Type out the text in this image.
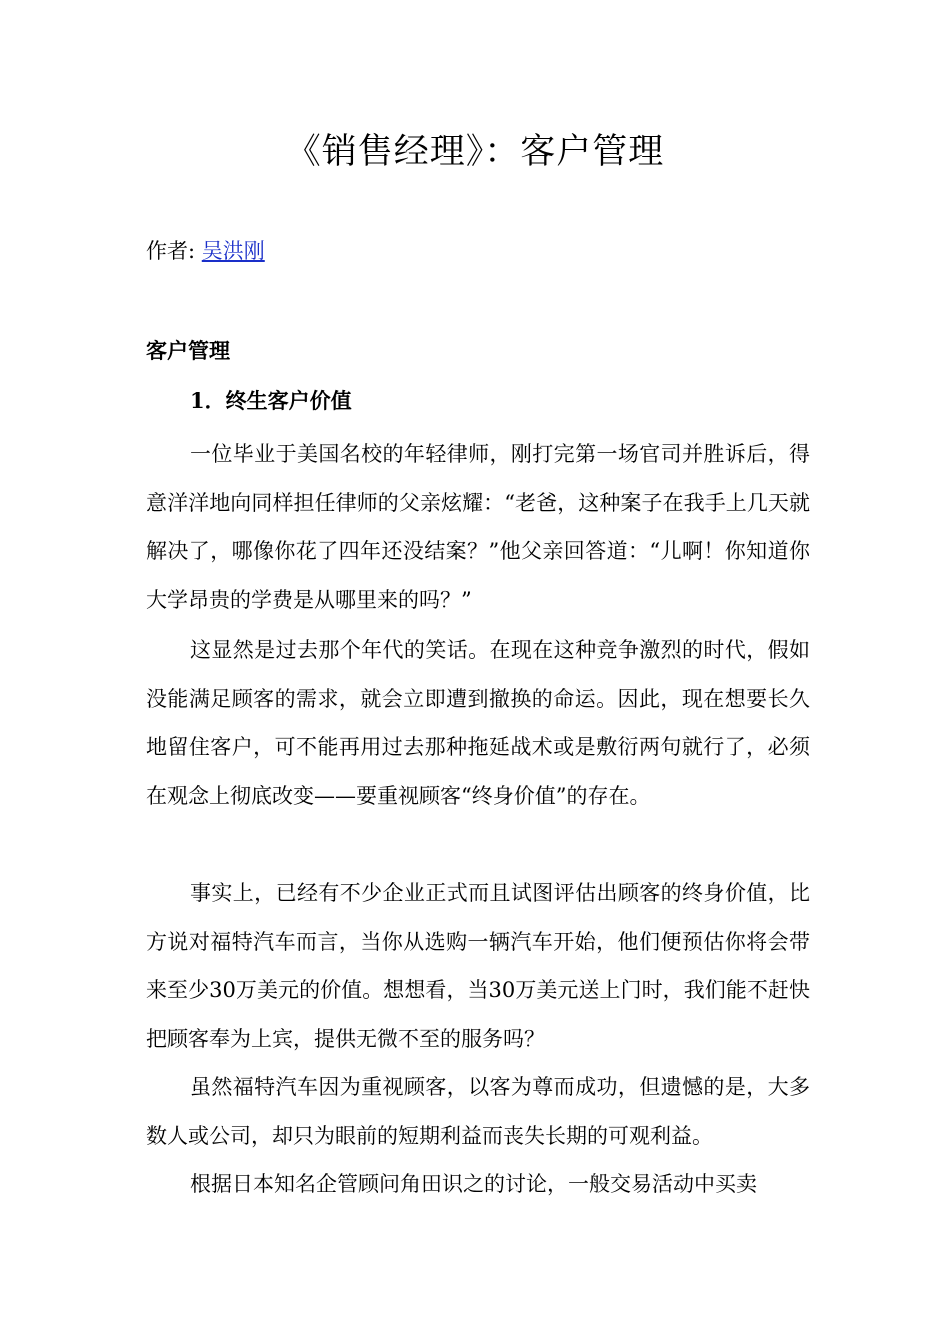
《销售经理》：客户管理
作者: 吴洪刚
客户管理
1．终生客户价值

一位毕业于美国名校的年轻律师，刚打完第一场官司并胜诉后，得意洋洋地向同样担任律师的父亲炫耀：“老爸，这种案子在我手上几天就解决了，哪像你花了四年还没结案？”他父亲回答道：“儿啊！你知道你大学昂贵的学费是从哪里来的吗？”

这显然是过去那个年代的笑话。在现在这种竞争激烈的时代，假如没能满足顾客的需求，就会立即遭到撤换的命运。因此，现在想要长久地留住客户，可不能再用过去那种拖延战术或是敷衍两句就行了，必须在观念上彻底改变——要重视顾客“终身价值”的存在。

事实上，已经有不少企业正式而且试图评估出顾客的终身价值，比方说对福特汽车而言，当你从选购一辆汽车开始，他们便预估你将会带来至少30万美元的价值。想想看，当30万美元送上门时，我们能不赶快把顾客奉为上宾，提供无微不至的服务吗？

虽然福特汽车因为重视顾客，以客为尊而成功，但遗憾的是，大多数人或公司，却只为眼前的短期利益而丧失长期的可观利益。

根据日本知名企管顾问角田识之的讨论，一般交易活动中买卖
